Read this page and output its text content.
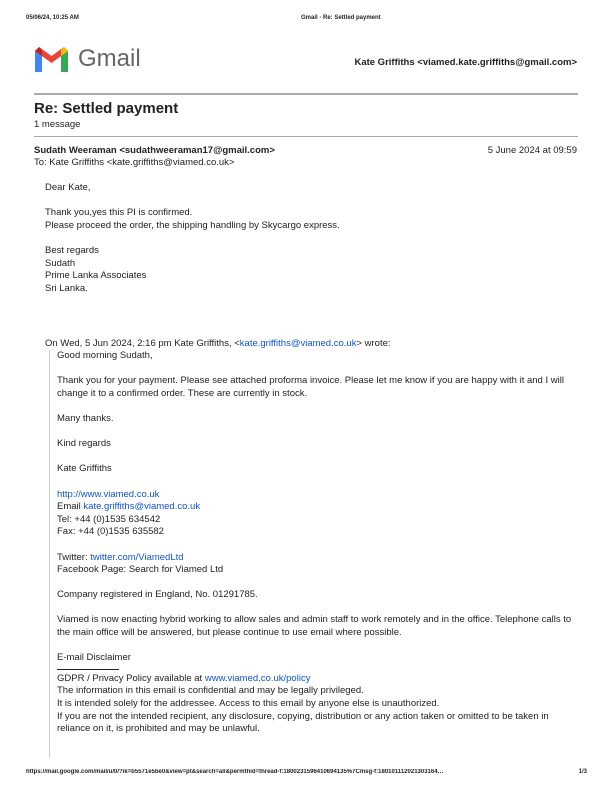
05/06/24, 10:25 AM	Gmail - Re: Settled payment
Gmail	Kate Griffiths <viamed.kate.griffiths@gmail.com>
Re: Settled payment
1 message
Sudath Weeraman <sudathweeraman17@gmail.com>	5 June 2024 at 09:59
To: Kate Griffiths <kate.griffiths@viamed.co.uk>
Dear Kate,
Thank you,yes this PI is confirmed.
Please proceed the order, the shipping handling by Skycargo express.
Best regards
Sudath
Prime Lanka Associates
Sri Lanka.
On Wed, 5 Jun 2024, 2:16 pm Kate Griffiths, <kate.griffiths@viamed.co.uk> wrote:
Good morning Sudath,
Thank you for your payment. Please see attached proforma invoice. Please let me know if you are happy with it and I will change it to a confirmed order. These are currently in stock.
Many thanks.
Kind regards
Kate Griffiths
http://www.viamed.co.uk
Email kate.griffiths@viamed.co.uk
Tel: +44 (0)1535 634542
Fax: +44 (0)1535 635582
Twitter: twitter.com/ViamedLtd
Facebook Page: Search for Viamed Ltd
Company registered in England, No. 01291785.
Viamed is now enacting hybrid working to allow sales and admin staff to work remotely and in the office. Telephone calls to the main office will be answered, but please continue to use email where possible.
E-mail Disclaimer
GDPR / Privacy Policy available at www.viamed.co.uk/policy
The information in this email is confidential and may be legally privileged.
It is intended solely for the addressee. Access to this email by anyone else is unauthorized.
If you are not the intended recipient, any disclosure, copying, distribution or any action taken or omitted to be taken in reliance on it, is prohibited and may be unlawful.
https://mail.google.com/mail/u/0/?ik=b5571e5be0&view=pt&search=all&permthid=thread-f:1800231596410694135%7Cmsg-f:180101112021303164…	1/3
